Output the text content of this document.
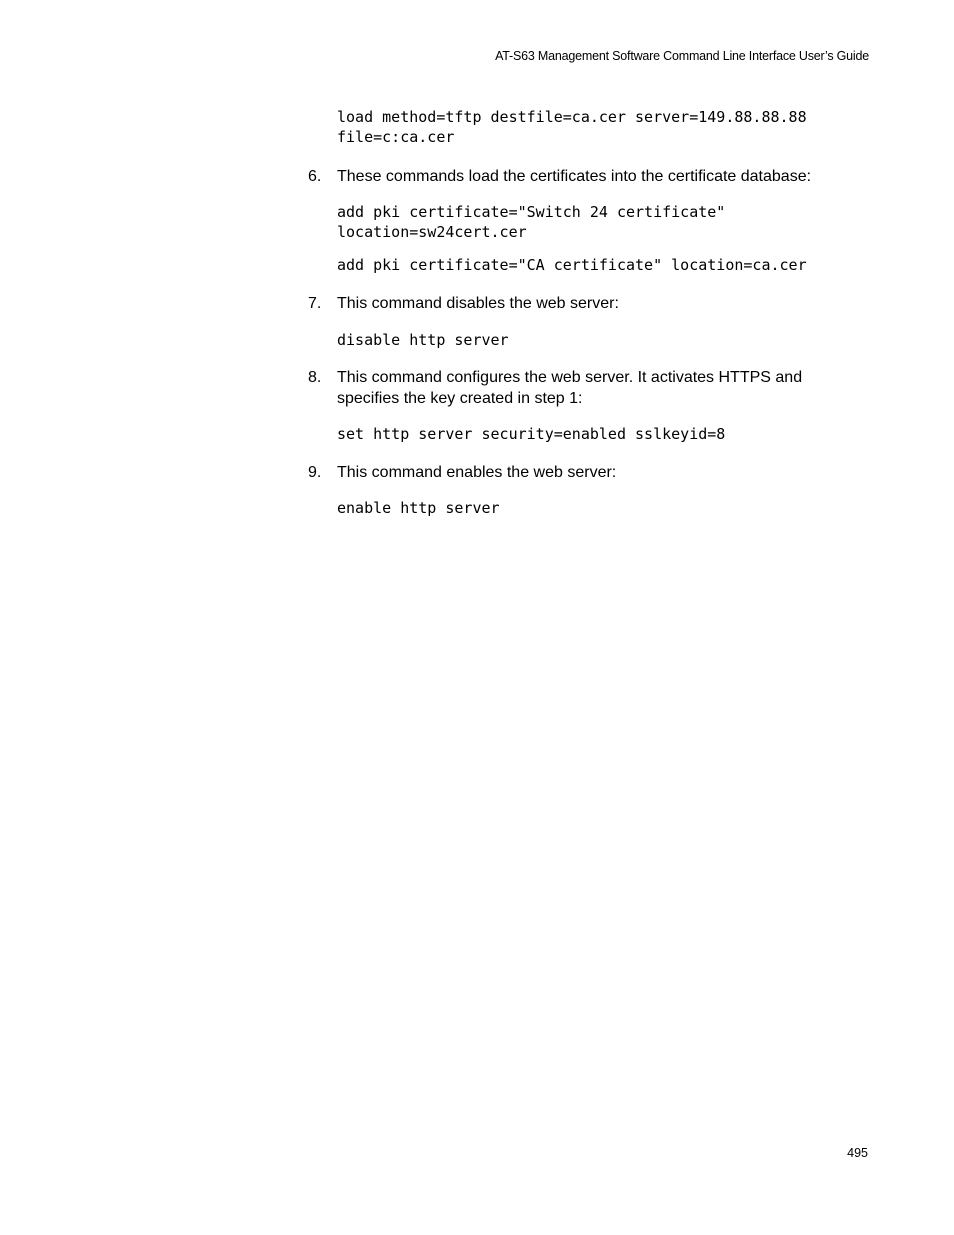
AT-S63 Management Software Command Line Interface User’s Guide
load method=tftp destfile=ca.cer server=149.88.88.88
file=c:ca.cer
6. These commands load the certificates into the certificate database:
add pki certificate="Switch 24 certificate"
location=sw24cert.cer
add pki certificate="CA certificate" location=ca.cer
7. This command disables the web server:
disable http server
8. This command configures the web server. It activates HTTPS and
specifies the key created in step 1:
set http server security=enabled sslkeyid=8
9. This command enables the web server:
enable http server
495
